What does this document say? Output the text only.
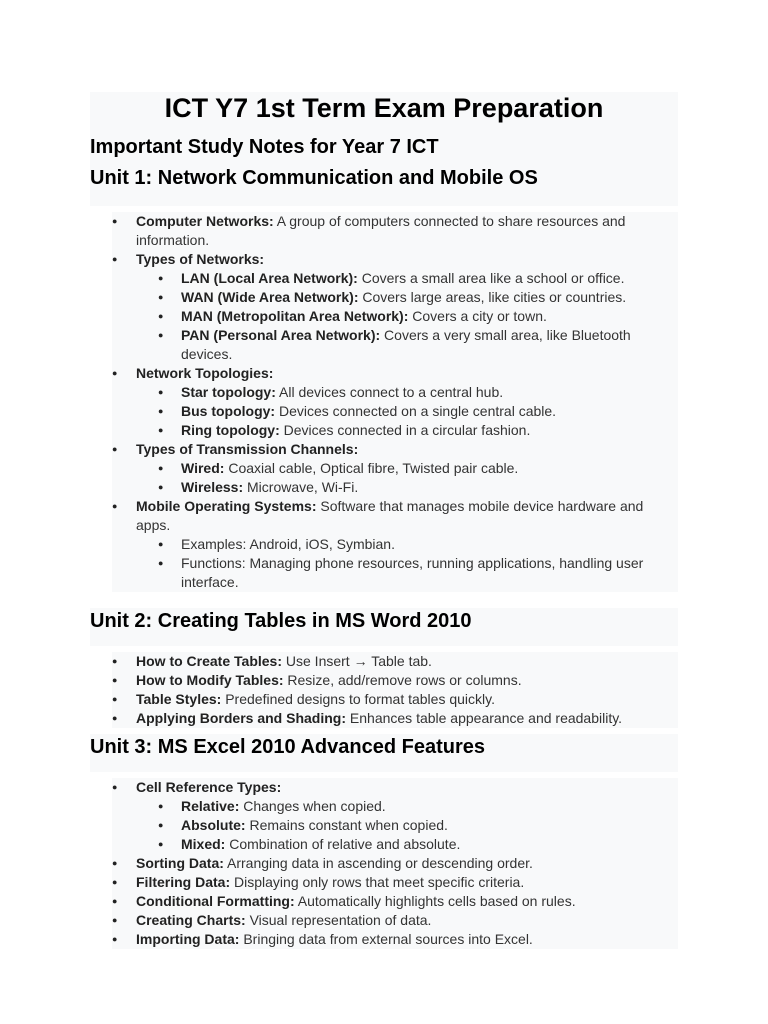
ICT Y7 1st Term Exam Preparation
Important Study Notes for Year 7 ICT
Unit 1: Network Communication and Mobile OS
● Computer Networks: A group of computers connected to share resources and information.
● Types of Networks:
● LAN (Local Area Network): Covers a small area like a school or office.
● WAN (Wide Area Network): Covers large areas, like cities or countries.
● MAN (Metropolitan Area Network): Covers a city or town.
● PAN (Personal Area Network): Covers a very small area, like Bluetooth devices.
● Network Topologies:
● Star topology: All devices connect to a central hub.
● Bus topology: Devices connected on a single central cable.
● Ring topology: Devices connected in a circular fashion.
● Types of Transmission Channels:
● Wired: Coaxial cable, Optical fibre, Twisted pair cable.
● Wireless: Microwave, Wi-Fi.
● Mobile Operating Systems: Software that manages mobile device hardware and apps.
● Examples: Android, iOS, Symbian.
● Functions: Managing phone resources, running applications, handling user interface.
Unit 2: Creating Tables in MS Word 2010
● How to Create Tables: Use Insert → Table tab.
● How to Modify Tables: Resize, add/remove rows or columns.
● Table Styles: Predefined designs to format tables quickly.
● Applying Borders and Shading: Enhances table appearance and readability.
Unit 3: MS Excel 2010 Advanced Features
● Cell Reference Types:
● Relative: Changes when copied.
● Absolute: Remains constant when copied.
● Mixed: Combination of relative and absolute.
● Sorting Data: Arranging data in ascending or descending order.
● Filtering Data: Displaying only rows that meet specific criteria.
● Conditional Formatting: Automatically highlights cells based on rules.
● Creating Charts: Visual representation of data.
● Importing Data: Bringing data from external sources into Excel.
